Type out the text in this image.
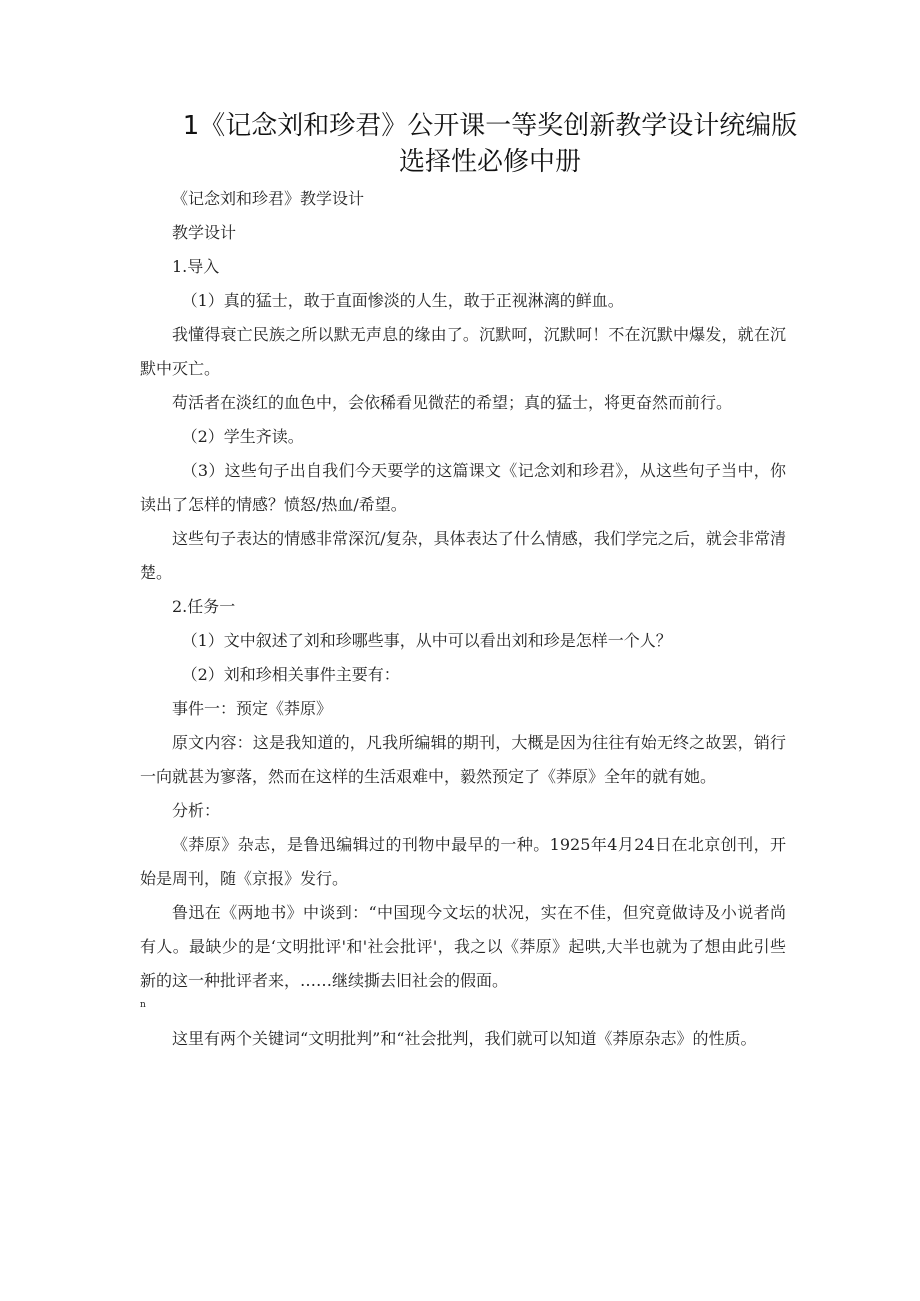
1《记念刘和珍君》公开课一等奖创新教学设计统编版
选择性必修中册

《记念刘和珍君》教学设计

教学设计

1.导入

（1）真的猛士，敢于直面惨淡的人生，敢于正视淋漓的鲜血。

我懂得衰亡民族之所以默无声息的缘由了。沉默呵，沉默呵！不在沉默中爆发，就在沉默中灭亡。

苟活者在淡红的血色中，会依稀看见微茫的希望；真的猛士，将更奋然而前行。

（2）学生齐读。

（3）这些句子出自我们今天要学的这篇课文《记念刘和珍君》，从这些句子当中，你读出了怎样的情感？愤怒/热血/希望。

这些句子表达的情感非常深沉/复杂，具体表达了什么情感，我们学完之后，就会非常清楚。

2.任务一

（1）文中叙述了刘和珍哪些事，从中可以看出刘和珍是怎样一个人？

（2）刘和珍相关事件主要有：

事件一：预定《莽原》

原文内容：这是我知道的，凡我所编辑的期刊，大概是因为往往有始无终之故罢，销行一向就甚为寥落，然而在这样的生活艰难中，毅然预定了《莽原》全年的就有她。

分析：

《莽原》杂志，是鲁迅编辑过的刊物中最早的一种。1925年4月24日在北京创刊，开始是周刊，随《京报》发行。

鲁迅在《两地书》中谈到：“中国现今文坛的状况，实在不佳，但究竟做诗及小说者尚有人。最缺少的是‘文明批评'和'社会批评'，我之以《莽原》起哄,大半也就为了想由此引些新的这一种批评者来，……继续撕去旧社会的假面。

n

这里有两个关键词“文明批判”和“社会批判，我们就可以知道《莽原杂志》的性质。
